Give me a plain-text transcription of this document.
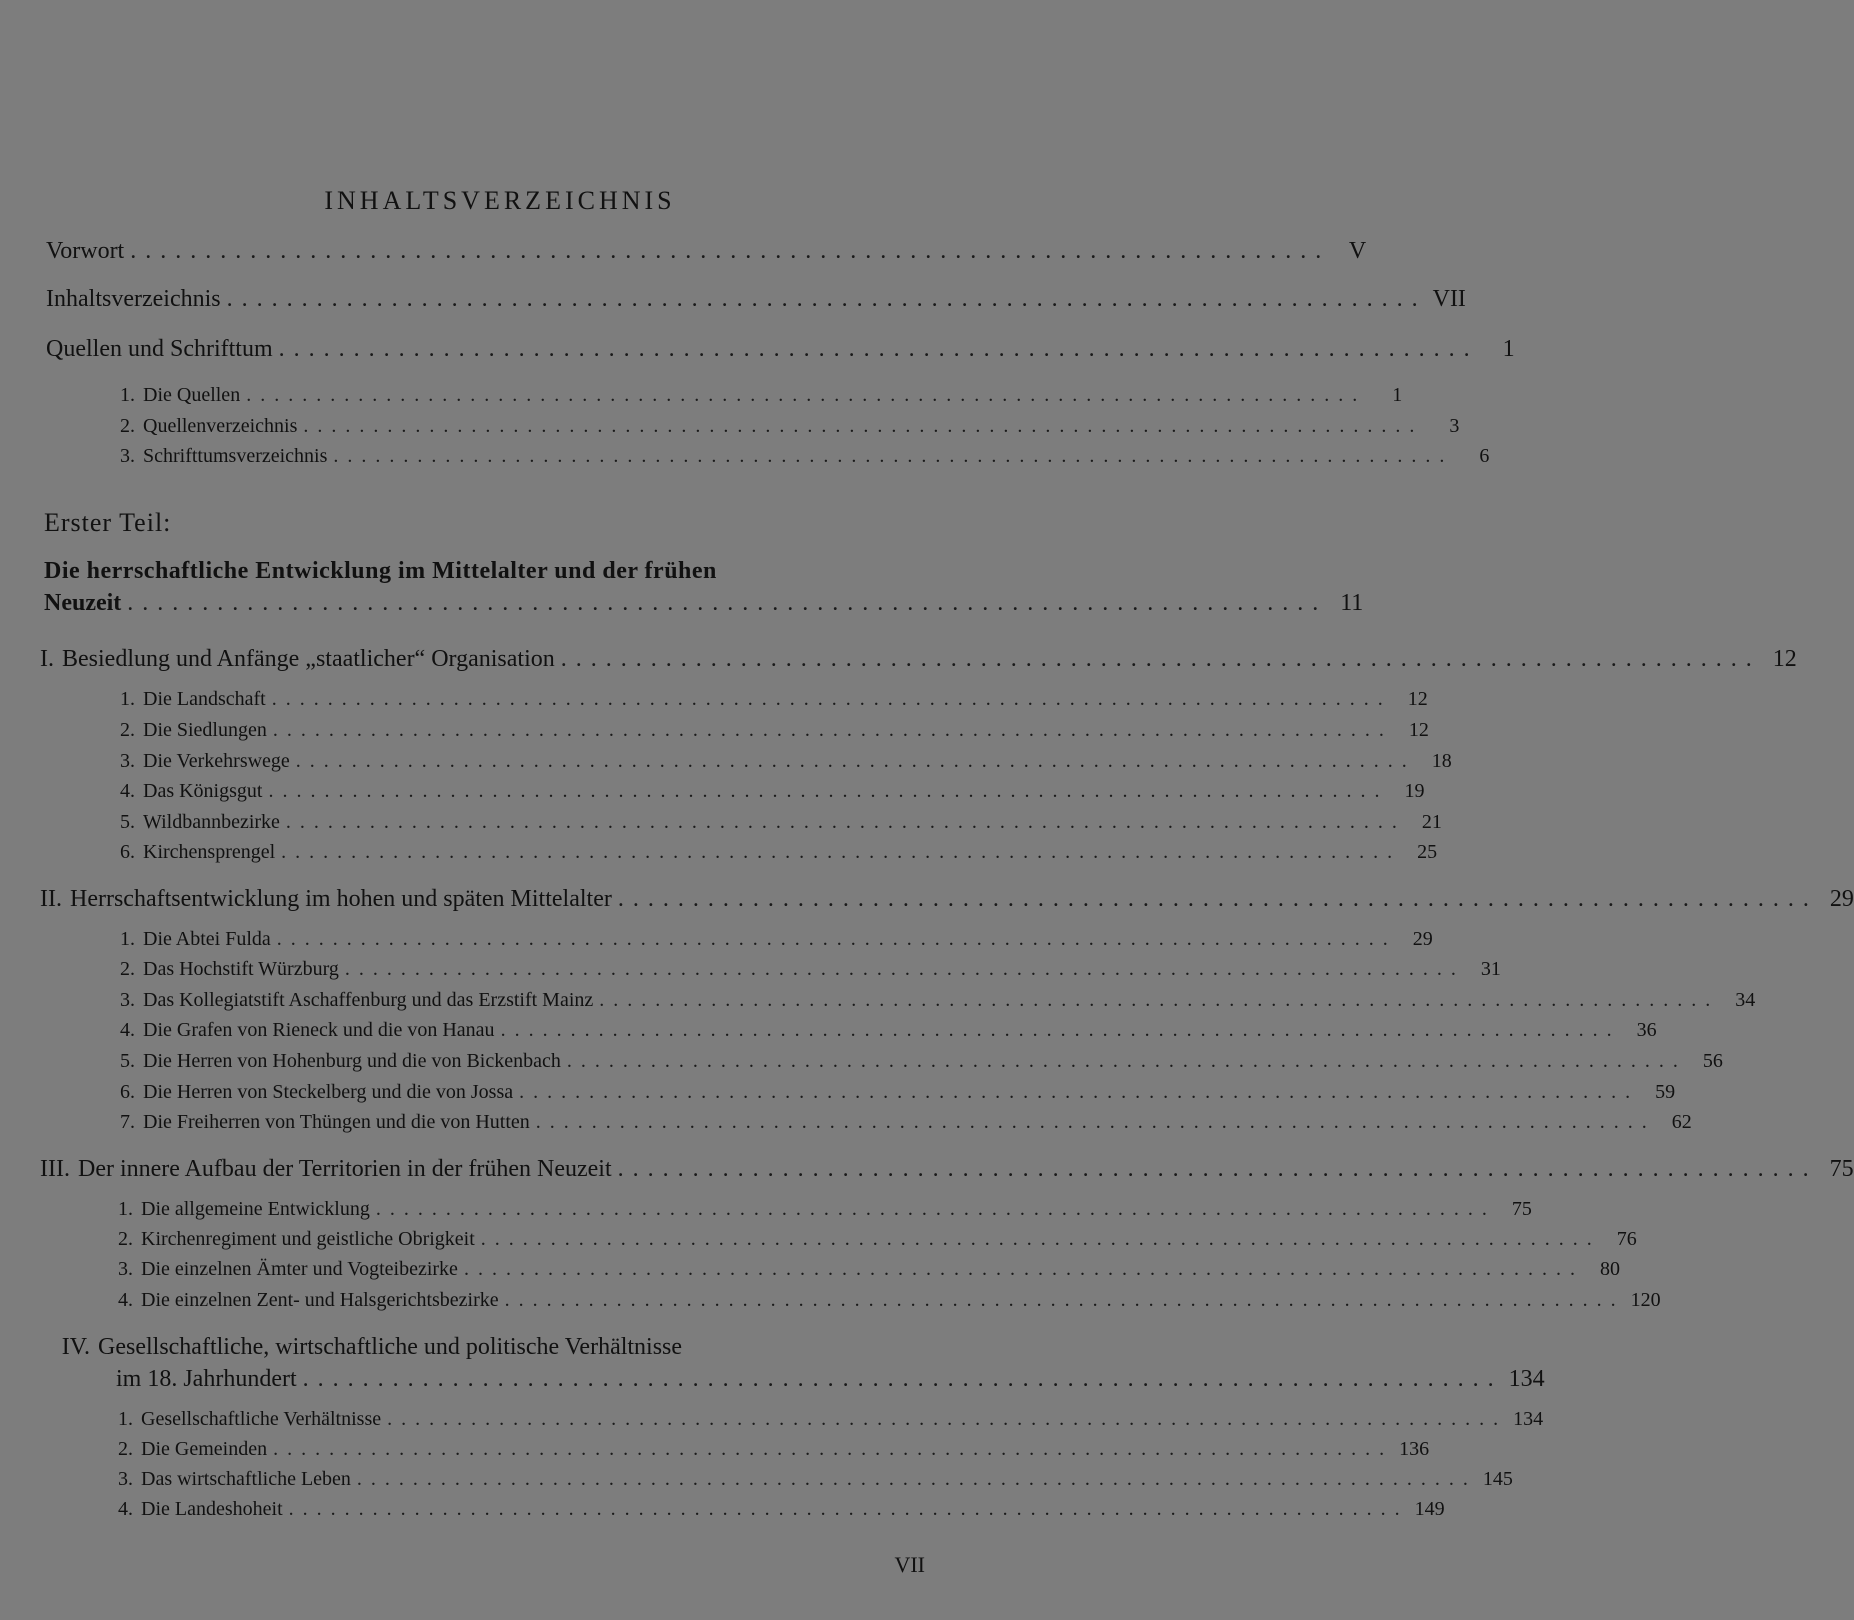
INHALTSVERZEICHNIS
Vorwort ................................................................................ V
Inhaltsverzeichnis ................................................................................ VII
Quellen und Schrifttum ................................................................................	1
1. Die Quellen ................................................................................	1
2. Quellenverzeichnis ................................................................................	3
3. Schrifttumsverzeichnis ................................................................................	6
Erster Teil:
Die herrschaftliche Entwicklung im Mittelalter und der frühen
Neuzeit ................................................................................ 11
I. Besiedlung und Anfänge „staatlicher“ Organisation ................................................................................ 12
1. Die Landschaft ................................................................................ 12
2. Die Siedlungen ................................................................................ 12
3. Die Verkehrswege ................................................................................ 18
4. Das Königsgut ................................................................................ 19
5. Wildbannbezirke ................................................................................ 21
6. Kirchensprengel ................................................................................ 25
II. Herrschaftsentwicklung im hohen und späten Mittelalter ................................................................................ 29
1. Die Abtei Fulda ................................................................................ 29
2. Das Hochstift Würzburg ................................................................................ 31
3. Das Kollegiatstift Aschaffenburg und das Erzstift Mainz ................................................................................ 34
4. Die Grafen von Rieneck und die von Hanau ................................................................................ 36
5. Die Herren von Hohenburg und die von Bickenbach ................................................................................ 56
6. Die Herren von Steckelberg und die von Jossa ................................................................................ 59
7. Die Freiherren von Thüngen und die von Hutten ................................................................................ 62
III. Der innere Aufbau der Territorien in der frühen Neuzeit ................................................................................ 75
1. Die allgemeine Entwicklung ................................................................................ 75
2. Kirchenregiment und geistliche Obrigkeit ................................................................................ 76
3. Die einzelnen Ämter und Vogteibezirke ................................................................................ 80
4. Die einzelnen Zent- und Halsgerichtsbezirke ................................................................................ 120
IV. Gesellschaftliche, wirtschaftliche und politische Verhältnisse
im 18. Jahrhundert ................................................................................ 134
1. Gesellschaftliche Verhältnisse ................................................................................ 134
2. Die Gemeinden ................................................................................ 136
3. Das wirtschaftliche Leben ................................................................................ 145
4. Die Landeshoheit ................................................................................ 149
VII
